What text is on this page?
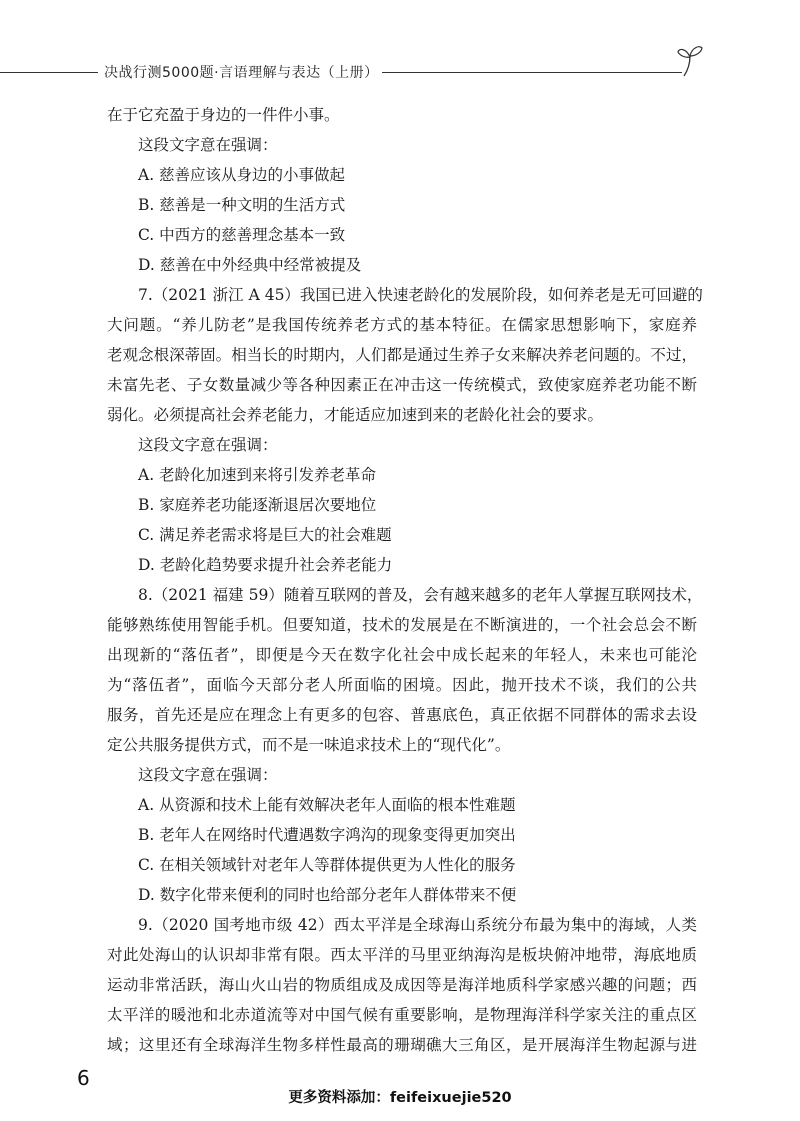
决战行测5000题·言语理解与表达（上册）
在于它充盈于身边的一件件小事。
这段文字意在强调：
A. 慈善应该从身边的小事做起
B. 慈善是一种文明的生活方式
C. 中西方的慈善理念基本一致
D. 慈善在中外经典中经常被提及
7.（2021 浙江 A 45）我国已进入快速老龄化的发展阶段，如何养老是无可回避的
大问题。“养儿防老”是我国传统养老方式的基本特征。在儒家思想影响下，家庭养
老观念根深蒂固。相当长的时期内，人们都是通过生养子女来解决养老问题的。不过，
未富先老、子女数量减少等各种因素正在冲击这一传统模式，致使家庭养老功能不断
弱化。必须提高社会养老能力，才能适应加速到来的老龄化社会的要求。
这段文字意在强调：
A. 老龄化加速到来将引发养老革命
B. 家庭养老功能逐渐退居次要地位
C. 满足养老需求将是巨大的社会难题
D. 老龄化趋势要求提升社会养老能力
8.（2021 福建 59）随着互联网的普及，会有越来越多的老年人掌握互联网技术，
能够熟练使用智能手机。但要知道，技术的发展是在不断演进的，一个社会总会不断
出现新的“落伍者”，即便是今天在数字化社会中成长起来的年轻人，未来也可能沦
为“落伍者”，面临今天部分老人所面临的困境。因此，抛开技术不谈，我们的公共
服务，首先还是应在理念上有更多的包容、普惠底色，真正依据不同群体的需求去设
定公共服务提供方式，而不是一味追求技术上的“现代化”。
这段文字意在强调：
A. 从资源和技术上能有效解决老年人面临的根本性难题
B. 老年人在网络时代遭遇数字鸿沟的现象变得更加突出
C. 在相关领域针对老年人等群体提供更为人性化的服务
D. 数字化带来便利的同时也给部分老年人群体带来不便
9.（2020 国考地市级 42）西太平洋是全球海山系统分布最为集中的海域，人类
对此处海山的认识却非常有限。西太平洋的马里亚纳海沟是板块俯冲地带，海底地质
运动非常活跃，海山火山岩的物质组成及成因等是海洋地质科学家感兴趣的问题；西
太平洋的暖池和北赤道流等对中国气候有重要影响，是物理海洋科学家关注的重点区
域；这里还有全球海洋生物多样性最高的珊瑚礁大三角区，是开展海洋生物起源与进
6
更多资料添加：feifeixuejie520
